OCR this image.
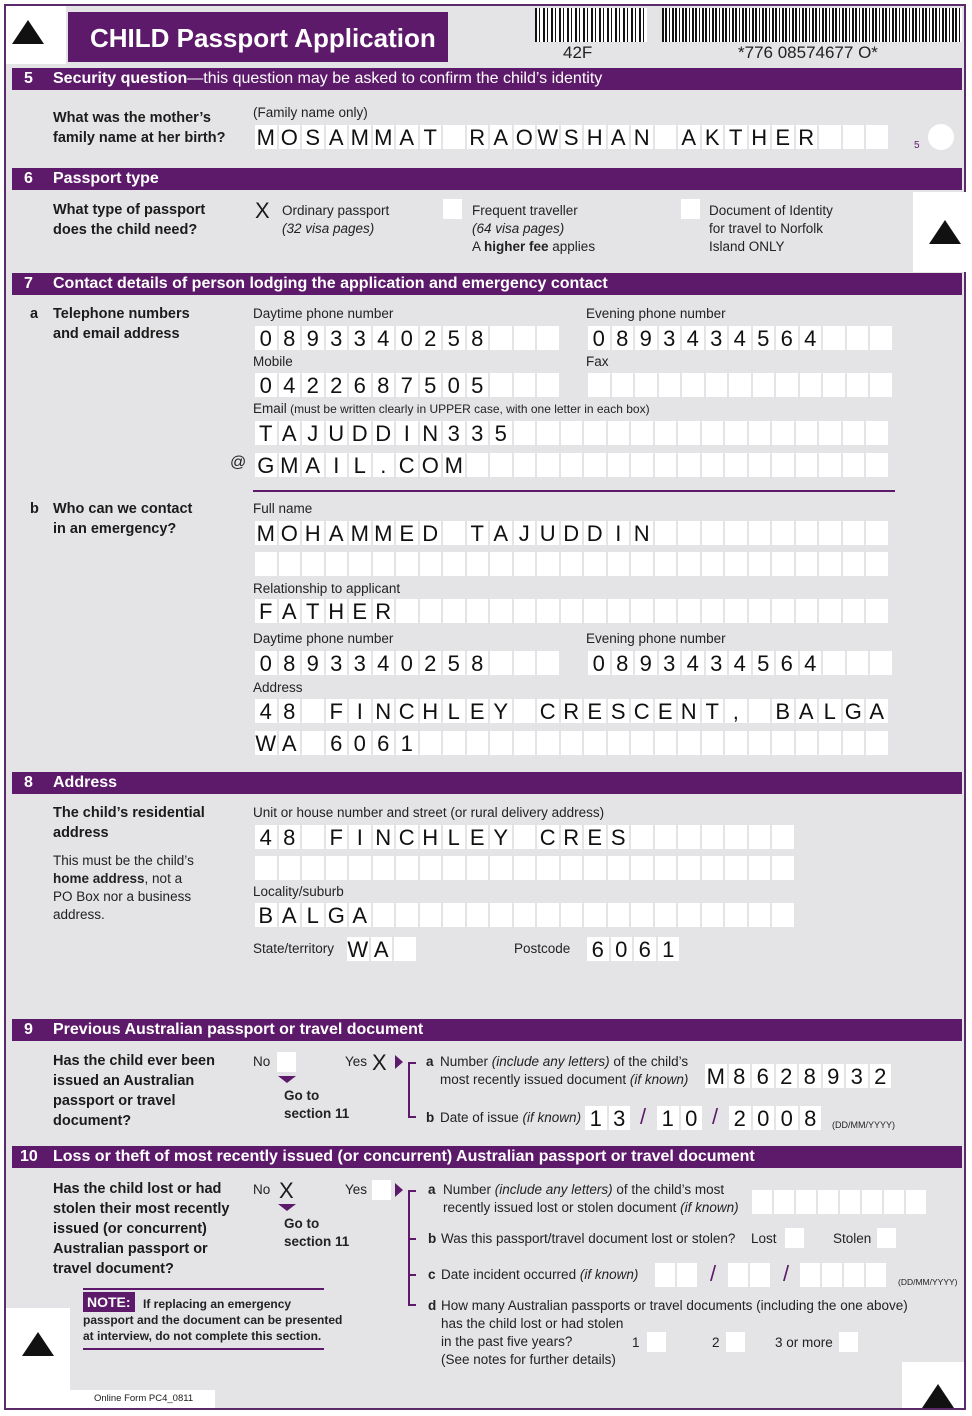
CHILD Passport Application	42F	*776 08574677 O*
5 Security question—this question may be asked to confirm the child’s identity
What was the mother’s
family name at her birth?
(Family name only)
M O S A M M A T R A O W S H A N A K T H E R	5
6 Passport type
What type of passport
does the child need?
X Ordinary passport
(32 visa pages)
Frequent traveller
(64 visa pages)
A higher fee applies
Document of Identity
for travel to Norfolk
Island ONLY
7 Contact details of person lodging the application and emergency contact
a Telephone numbers
and email address
Daytime phone number
0 8 9 3 3 4 0 2 5 8
Evening phone number
0 8 9 3 4 3 4 5 6 4
Mobile
0 4 2 2 6 8 7 5 0 5
Fax
Email (must be written clearly in UPPER case, with one letter in each box)
T A J U D D I N 3 3 5
@ G M A I L . C O M
b Who can we contact
in an emergency?
Full name
M O H A M M E D T A J U D D I N
Relationship to applicant
F A T H E R
Daytime phone number
0 8 9 3 3 4 0 2 5 8
Evening phone number
0 8 9 3 4 3 4 5 6 4
Address
4 8 F I N C H L E Y C R E S C E N T ,	B A L G A
W A 6 0 6 1
8 Address
The child’s residential
address
This must be the child’s
home address, not a
PO Box nor a business
address.
Unit or house number and street (or rural delivery address)
4 8 F I N C H L E Y C R E S
Locality/suburb
B A L G A
State/territory W A	Postcode 6 0 6 1
9 Previous Australian passport or travel document
Has the child ever been
issued an Australian
passport or travel
document?
No
Go to
section 11
Yes X	a Number (include any letters) of the child’s
most recently issued document (if known) M 8 6 2 8 9 3 2
b Date of issue (if known) 1 3 / 1 0 / 2 0 0 8	(DD/MM/YYYY)
10 Loss or theft of most recently issued (or concurrent) Australian passport or travel document
Has the child lost or had
stolen their most recently
issued (or concurrent)
Australian passport or
travel document?
No X
Go to
section 11
Yes	a Number (include any letters) of the child’s most
recently issued lost or stolen document (if known)
b Was this passport/travel document lost or stolen? Lost	Stolen
c Date incident occurred (if known)	/	/	(DD/MM/YYYY)
d How many Australian passports or travel documents (including the one above)
has the child lost or had stolen
in the past five years?
(See notes for further details)
1	2	3 or more
NOTE:	If replacing an emergency
passport and the document can be presented
at interview, do not complete this section.
Online Form PC4_0811
